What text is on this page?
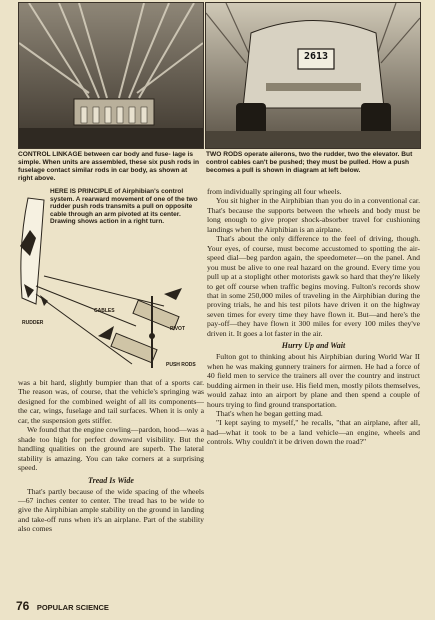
2613
CONTROL LINKAGE between car body and fuse- lage is simple. When units are assembled, these six push rods in fuselage contact similar rods in car body, as shown at right above.
TWO RODS operate ailerons, two the rudder, two the elevator. But control cables can't be pushed; they must be pulled. How a push becomes a pull is shown in diagram at left below.
RUDDER
CABLES
PIVOT
PUSH RODS
HERE IS PRINCIPLE of Airphibian's control system. A rearward movement of one of the two rudder push rods transmits a pull on opposite cable through an arm pivoted at its center. Drawing shows action in a right turn.

was a bit hard, slightly bumpier than that of a sports car. The reason was, of course, that the vehicle's springing was designed for the combined weight of all its components—the car, wings, fuselage and tail surfaces. When it is only a car, the suspension gets stiffer.

We found that the engine cowling—pardon, hood—was a shade too high for perfect downward visibility. But the handling qualities on the ground are superb. The lateral stability is amazing. You can take corners at a surprising speed.

Tread Is Wide

That's partly because of the wide spacing of the wheels—67 inches center to center. The tread has to be wide to give the Airphibian ample stability on the ground in landing and take-off runs when it's an airplane. Part of the stability also comes

from individually springing all four wheels.

You sit higher in the Airphibian than you do in a conventional car. That's because the supports between the wheels and body must be long enough to give proper shock-absorber travel for cushioning landings when the Airphibian is an airplane.

That's about the only difference to the feel of driving, though. Your eyes, of course, must become accustomed to spotting the air-speed dial—beg pardon again, the speedometer—on the panel. And you must be alive to one real hazard on the ground. Every time you pull up at a stoplight other motorists gawk so hard that they're likely to get off course when traffic begins moving. Fulton's records show that in some 250,000 miles of traveling in the Airphibian during the proving trials, he and his test pilots have driven it on the highway seven times for every time they have flown it. But—and here's the pay-off—they have flown it 300 miles for every 100 miles they've driven it. It goes a lot faster in the air.

Hurry Up and Wait

Fulton got to thinking about his Airphibian during World War II when he was making gunnery trainers for airmen. He had a force of 40 field men to service the trainers all over the country and instruct budding airmen in their use. His field men, mostly pilots themselves, would zahaz into an airport by plane and then spend a couple of hours trying to find ground transportation.

That's when he began getting mad.

"I kept saying to myself," he recalls, "that an airplane, after all, had—what it took to be a land vehicle—an engine, wheels and controls. Why couldn't it be driven down the road?"

76 POPULAR SCIENCE
